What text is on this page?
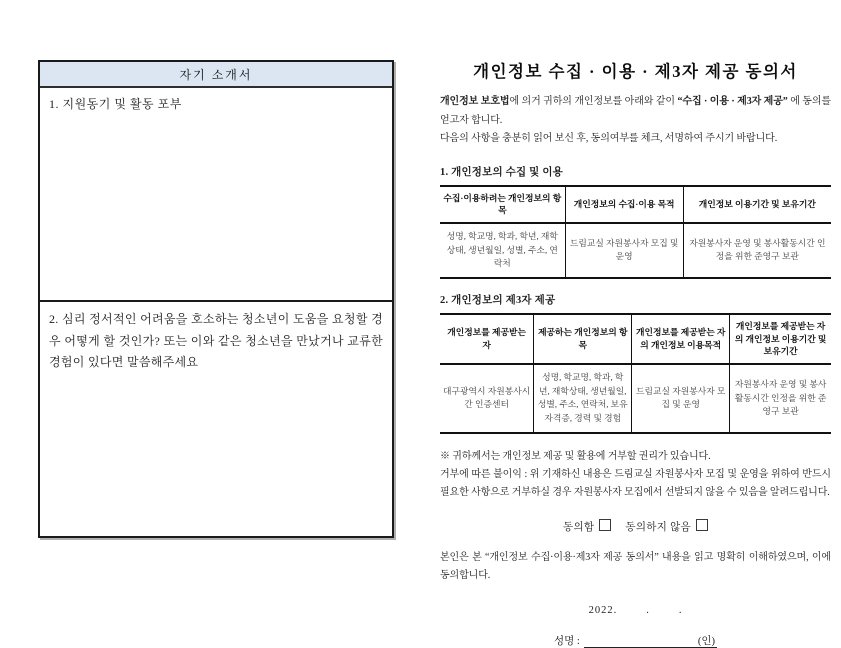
자기 소개서
1. 지원동기 및 활동 포부
2. 심리 정서적인 어려움을 호소하는 청소년이 도움을 요청할 경우 어떻게 할 것인가? 또는 이와 같은 청소년을 만났거나 교류한 경험이 있다면 말씀해주세요
개인정보 수집 · 이용 · 제3자 제공 동의서

개인정보 보호법에 의거 귀하의 개인정보를 아래와 같이 “수집 · 이용 · 제3자 제공” 에 동의를 얻고자 합니다.

다음의 사항을 충분히 읽어 보신 후, 동의여부를 체크, 서명하여 주시기 바랍니다.

1. 개인정보의 수집 및 이용
수집·이용하려는 개인정보의 항목	개인정보의 수집·이용 목적	개인정보 이용기간 및 보유기간
성명, 학교명, 학과, 학년, 재학상태, 생년월일, 성별, 주소, 연락처	드림교실 자원봉사자 모집 및 운영	자원봉사자 운영 및 봉사활동시간 인정을 위한 준영구 보관
2. 개인정보의 제3자 제공
개인정보를 제공받는 자	제공하는 개인정보의 항목	개인정보를 제공받는 자의 개인정보 이용목적	개인정보를 제공받는 자의 개인정보 이용기간 및 보유기간
대구광역시 자원봉사시간 인증센터	성명, 학교명, 학과, 학년, 재학상태, 생년월일, 성별, 주소, 연락처, 보유자격증, 경력 및 경험	드림교실 자원봉사자 모집 및 운영	자원봉사자 운영 및 봉사활동시간 인정을 위한 준영구 보관
※ 귀하께서는 개인정보 제공 및 활용에 거부할 권리가 있습니다.
거부에 따른 불이익 : 위 기재하신 내용은 드림교실 자원봉사자 모집 및 운영을 위하여 반드시 필요한 사항으로 거부하실 경우 자원봉사자 모집에서 선발되지 않을 수 있음을 알려드립니다.
동의함	동의하지 않음

본인은 본 “개인정보 수집·이용·제3자 제공 동의서” 내용을 읽고 명확히 이해하였으며, 이에 동의합니다.

2022.        .        .
성명 :	(인)
